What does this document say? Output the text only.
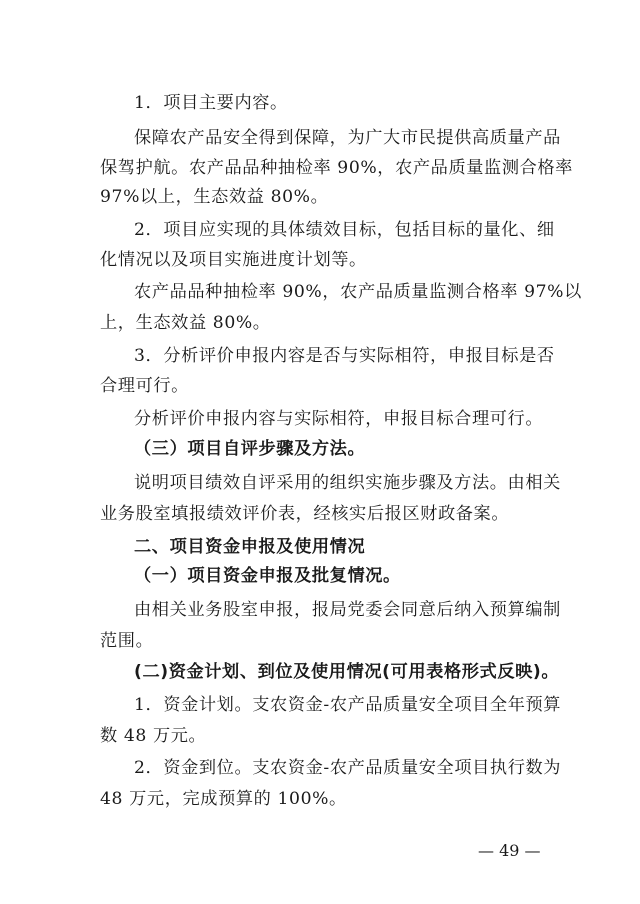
1．项目主要内容。
保障农产品安全得到保障，为广大市民提供高质量产品
保驾护航。农产品品种抽检率 90%，农产品质量监测合格率
97%以上，生态效益 80%。
2．项目应实现的具体绩效目标，包括目标的量化、细
化情况以及项目实施进度计划等。
农产品品种抽检率 90%，农产品质量监测合格率 97%以
上，生态效益 80%。
3．分析评价申报内容是否与实际相符，申报目标是否
合理可行。
分析评价申报内容与实际相符，申报目标合理可行。
（三）项目自评步骤及方法。
说明项目绩效自评采用的组织实施步骤及方法。由相关
业务股室填报绩效评价表，经核实后报区财政备案。
二、项目资金申报及使用情况
（一）项目资金申报及批复情况。
由相关业务股室申报，报局党委会同意后纳入预算编制
范围。
(二)资金计划、到位及使用情况(可用表格形式反映)。
1．资金计划。支农资金-农产品质量安全项目全年预算
数 48 万元。
2．资金到位。支农资金-农产品质量安全项目执行数为
48 万元，完成预算的 100%。
— 49 —
